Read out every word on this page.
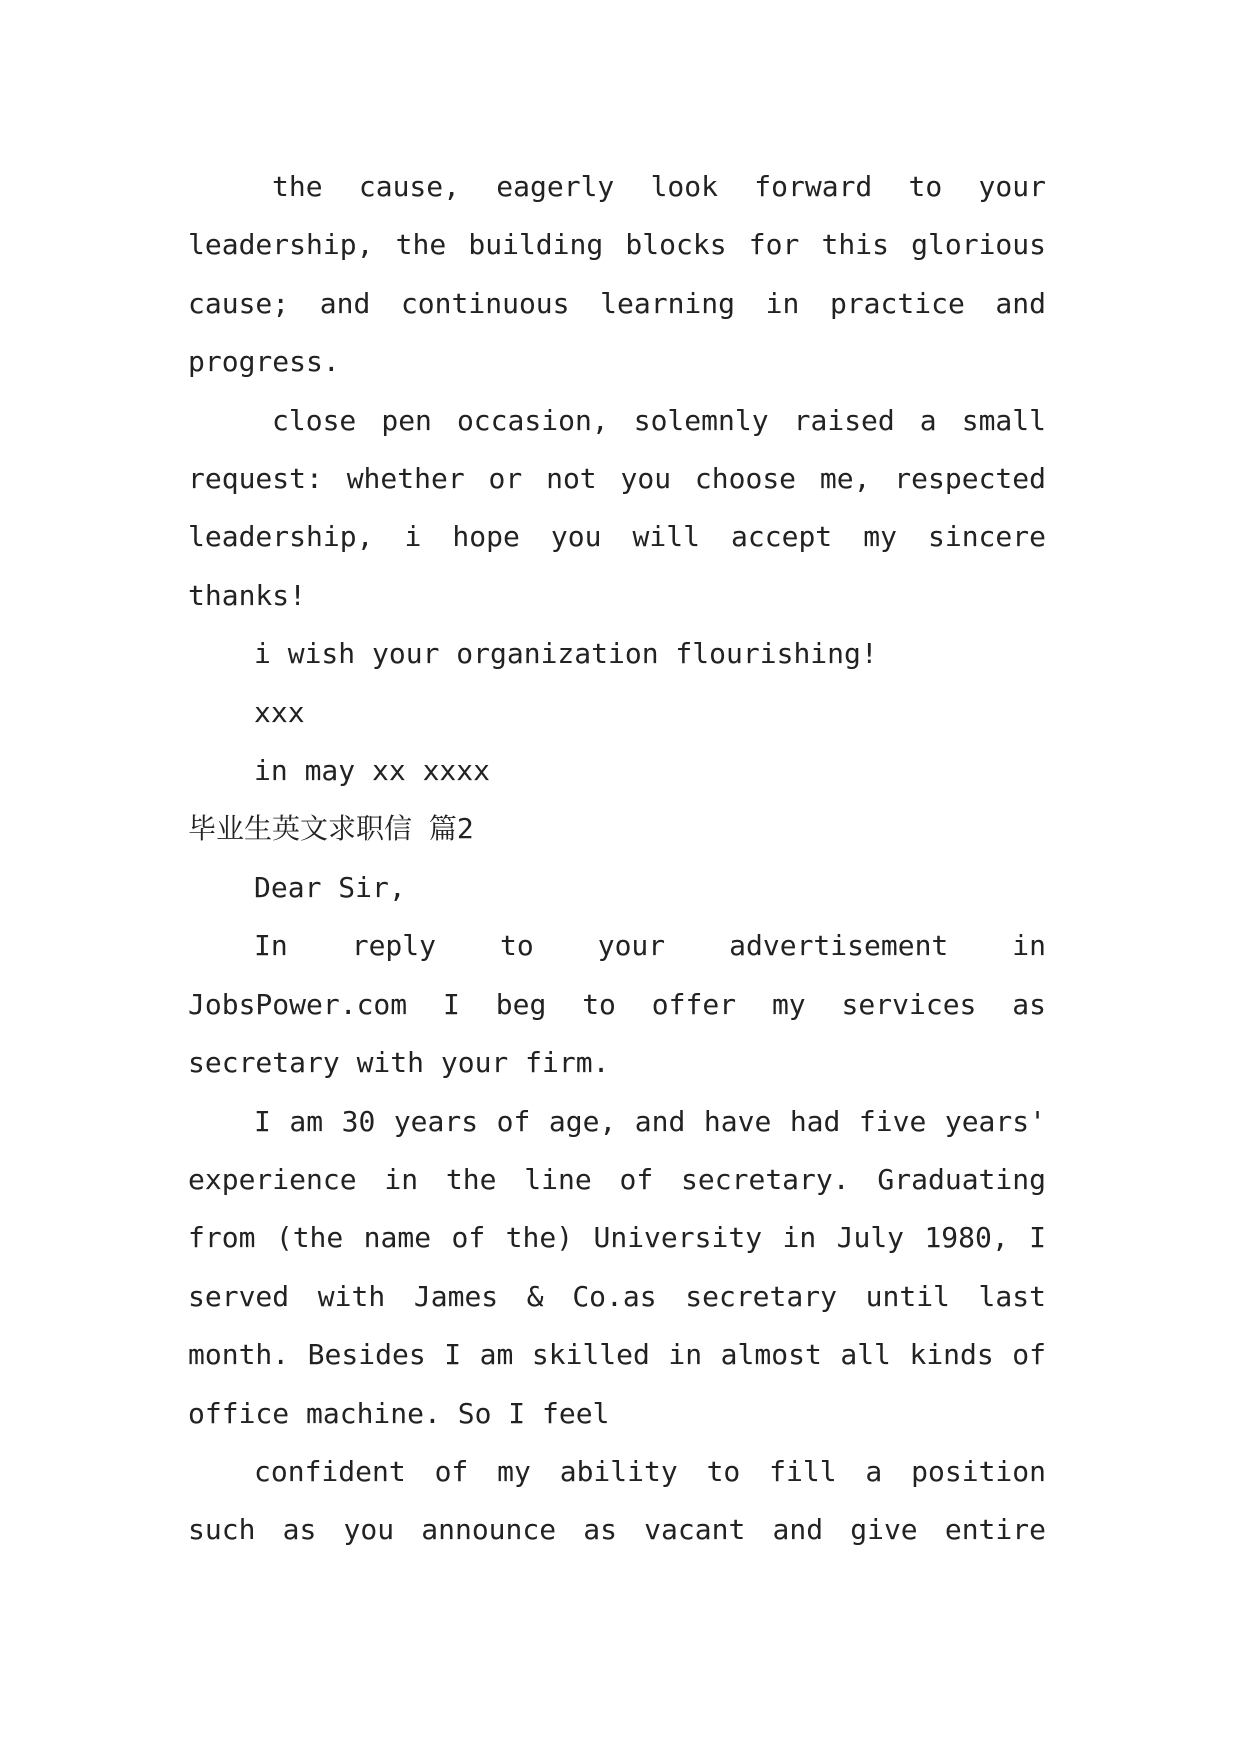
the cause, eagerly look forward to your leadership, the building blocks for this glorious cause; and continuous learning in practice and progress.

close pen occasion, solemnly raised a small request: whether or not you choose me, respected leadership, i hope you will accept my sincere thanks!

i wish your organization flourishing!

xxx

in may xx xxxx

毕业生英文求职信 篇2

Dear Sir,

In reply to your advertisement in JobsPower.com I beg to offer my services as secretary with your firm.

I am 30 years of age, and have had five years' experience in the line of secretary. Graduating from (the name of the) University in July 1980, I served with James & Co.as secretary until last month. Besides I am skilled in almost all kinds of office machine. So I feel

confident of my ability to fill a position such as you announce as vacant and give entire
